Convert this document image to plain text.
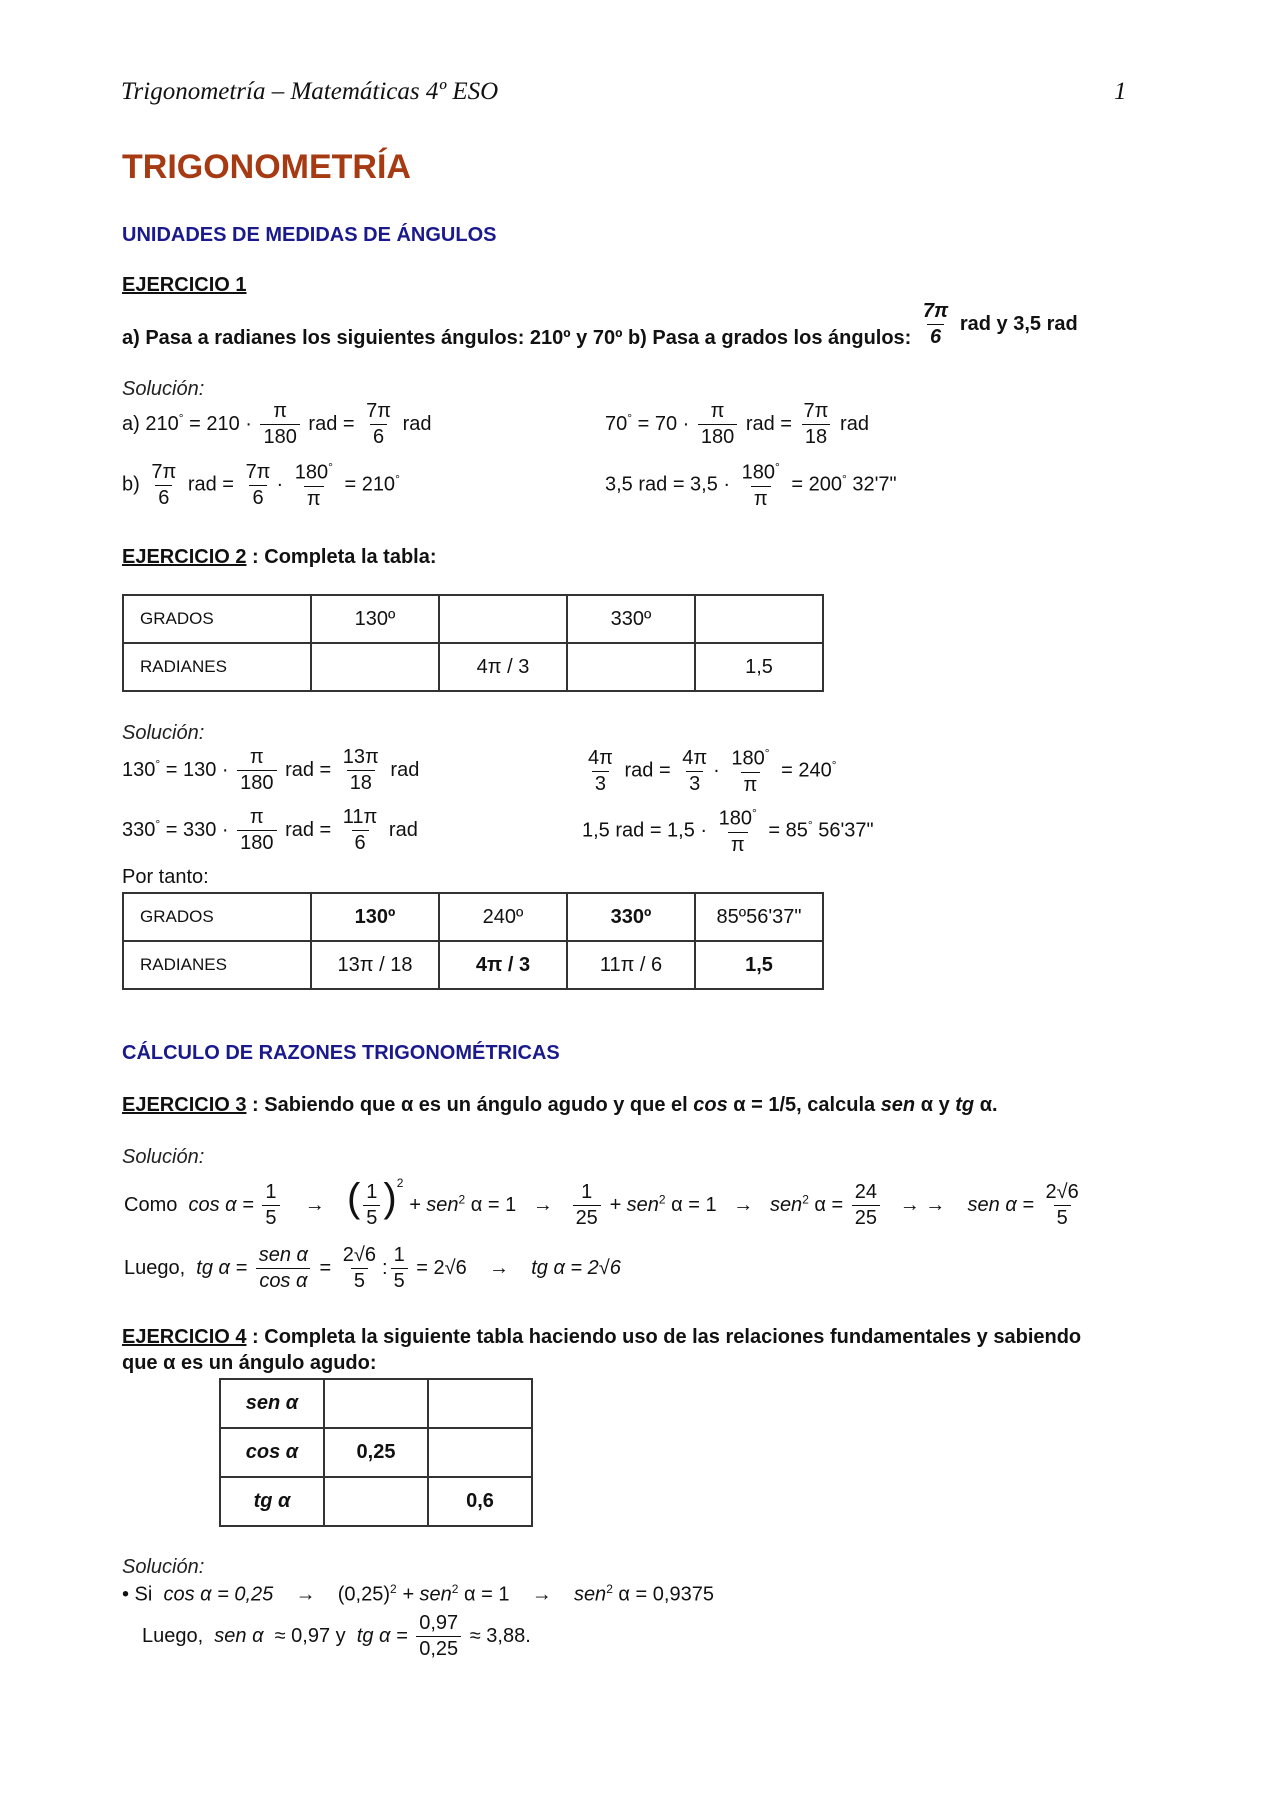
Trigonometría – Matemáticas 4º ESO	1
TRIGONOMETRÍA
UNIDADES DE MEDIDAS DE ÁNGULOS
EJERCICIO 1
a) Pasa a radianes los siguientes ángulos: 210º y 70º b) Pasa a grados los ángulos: $\frac{7\pi}{6}$ rad y 3,5 rad
Solución:
a) $210^\circ = 210 \cdot \frac{\pi}{180}$ rad = $\frac{7\pi}{6}$ rad	$70^\circ = 70 \cdot \frac{\pi}{180}$ rad = $\frac{7\pi}{18}$ rad
$b) \frac{7\pi}{6}$ rad = $\frac{7\pi}{6} \cdot \frac{180^\circ}{\pi} = 210^\circ$	3,5 rad = $3,5 \cdot \frac{180^\circ}{\pi} = 200^\circ$ 32'7"
EJERCICIO 2 : Completa la tabla:
GRADOS	130º		330º	
RADIANES		4π / 3		1,5
Solución:
$130^\circ = 130 \cdot \frac{\pi}{180}$ rad = $\frac{13\pi}{18}$ rad	$\frac{4\pi}{3}$ rad = $\frac{4\pi}{3} \cdot \frac{180^\circ}{\pi} = 240^\circ$
$330^\circ = 330 \cdot \frac{\pi}{180}$ rad = $\frac{11\pi}{6}$ rad	1,5 rad = $1,5 \cdot \frac{180^\circ}{\pi} = 85^\circ$ 56'37"
Por tanto:
GRADOS	130º	240º	330º	85º56'37"
RADIANES	13π / 18	4π / 3	11π / 6	1,5
CÁLCULO DE RAZONES TRIGONOMÉTRICAS
EJERCICIO 3 : Sabiendo que α es un ángulo agudo y que el cos α = 1/5, calcula sen α y tg α.
Solución:
Como $\cos \alpha = \frac{1}{5}$ → ( $\frac{1}{5} )^2 + sen^2$ $\alpha = 1 \to \frac{1}{25} + sen^2$ α = 1 → sen$^2$ $\alpha = \frac{24}{25}$ → → sen $\alpha = \frac{2√6}{5}$
Luego, tg $\alpha = \frac{\text{sen α}}{\text{cos α}} = \frac{2√6}{5}$ : $\frac{1}{5} = 2√6$ → tg α = 2√6
EJERCICIO 4 : Completa la siguiente tabla haciendo uso de las relaciones fundamentales y sabiendo
que α es un ángulo agudo:
sen α		
cos α	0,25	
tg α		0,6
Solución:
• Si $\cos \alpha = 0,25 \to (0,25)^2 + sen^2$ α = 1 → sen$^2$ α = 0,9375
Luego, sen α ≈ 0,97 y tg $\alpha = \frac{0,97}{0,25} \approx 3,88$.
